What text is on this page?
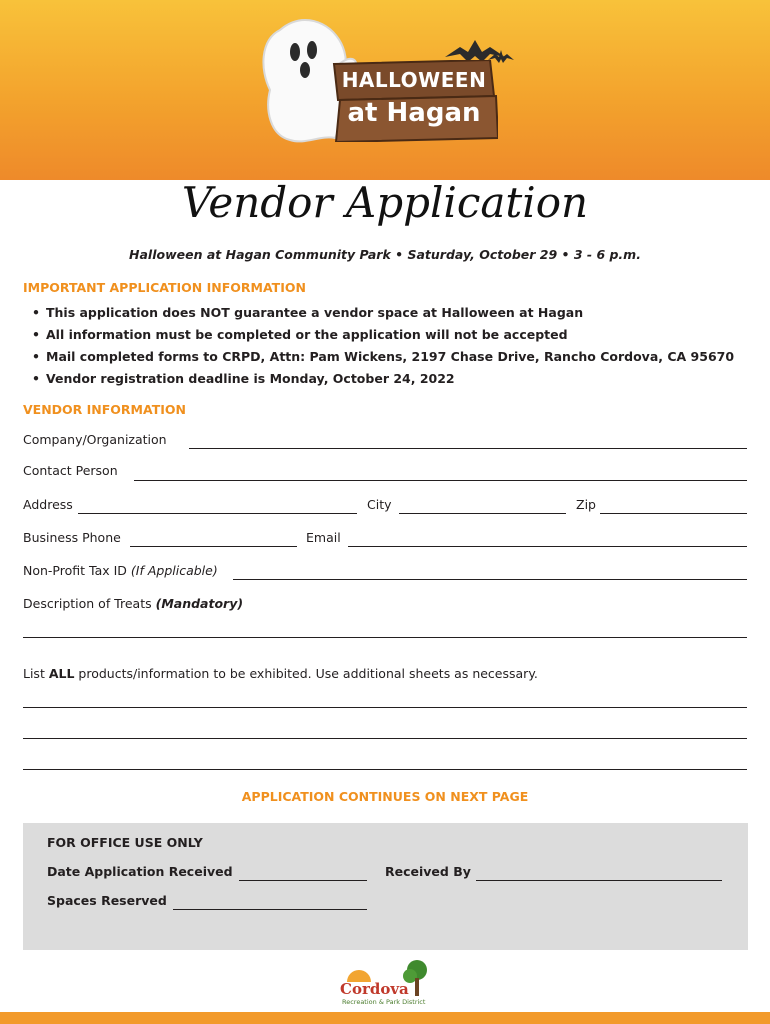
HALLOWEEN
at Hagan
Vendor Application
Halloween at Hagan Community Park • Saturday, October 29 • 3 - 6 p.m.
IMPORTANT APPLICATION INFORMATION
• This application does NOT guarantee a vendor space at Halloween at Hagan
• All information must be completed or the application will not be accepted
• Mail completed forms to CRPD, Attn: Pam Wickens, 2197 Chase Drive, Rancho Cordova, CA 95670
• Vendor registration deadline is Monday, October 24, 2022
VENDOR INFORMATION
Company/Organization
Contact Person
Address	City	Zip
Business Phone	Email
Non-Profit Tax ID (If Applicable)
Description of Treats (Mandatory)
List ALL products/information to be exhibited. Use additional sheets as necessary.
APPLICATION CONTINUES ON NEXT PAGE
FOR OFFICE USE ONLY
Date Application Received	Received By
Spaces Reserved
Cordova
Recreation & Park District
